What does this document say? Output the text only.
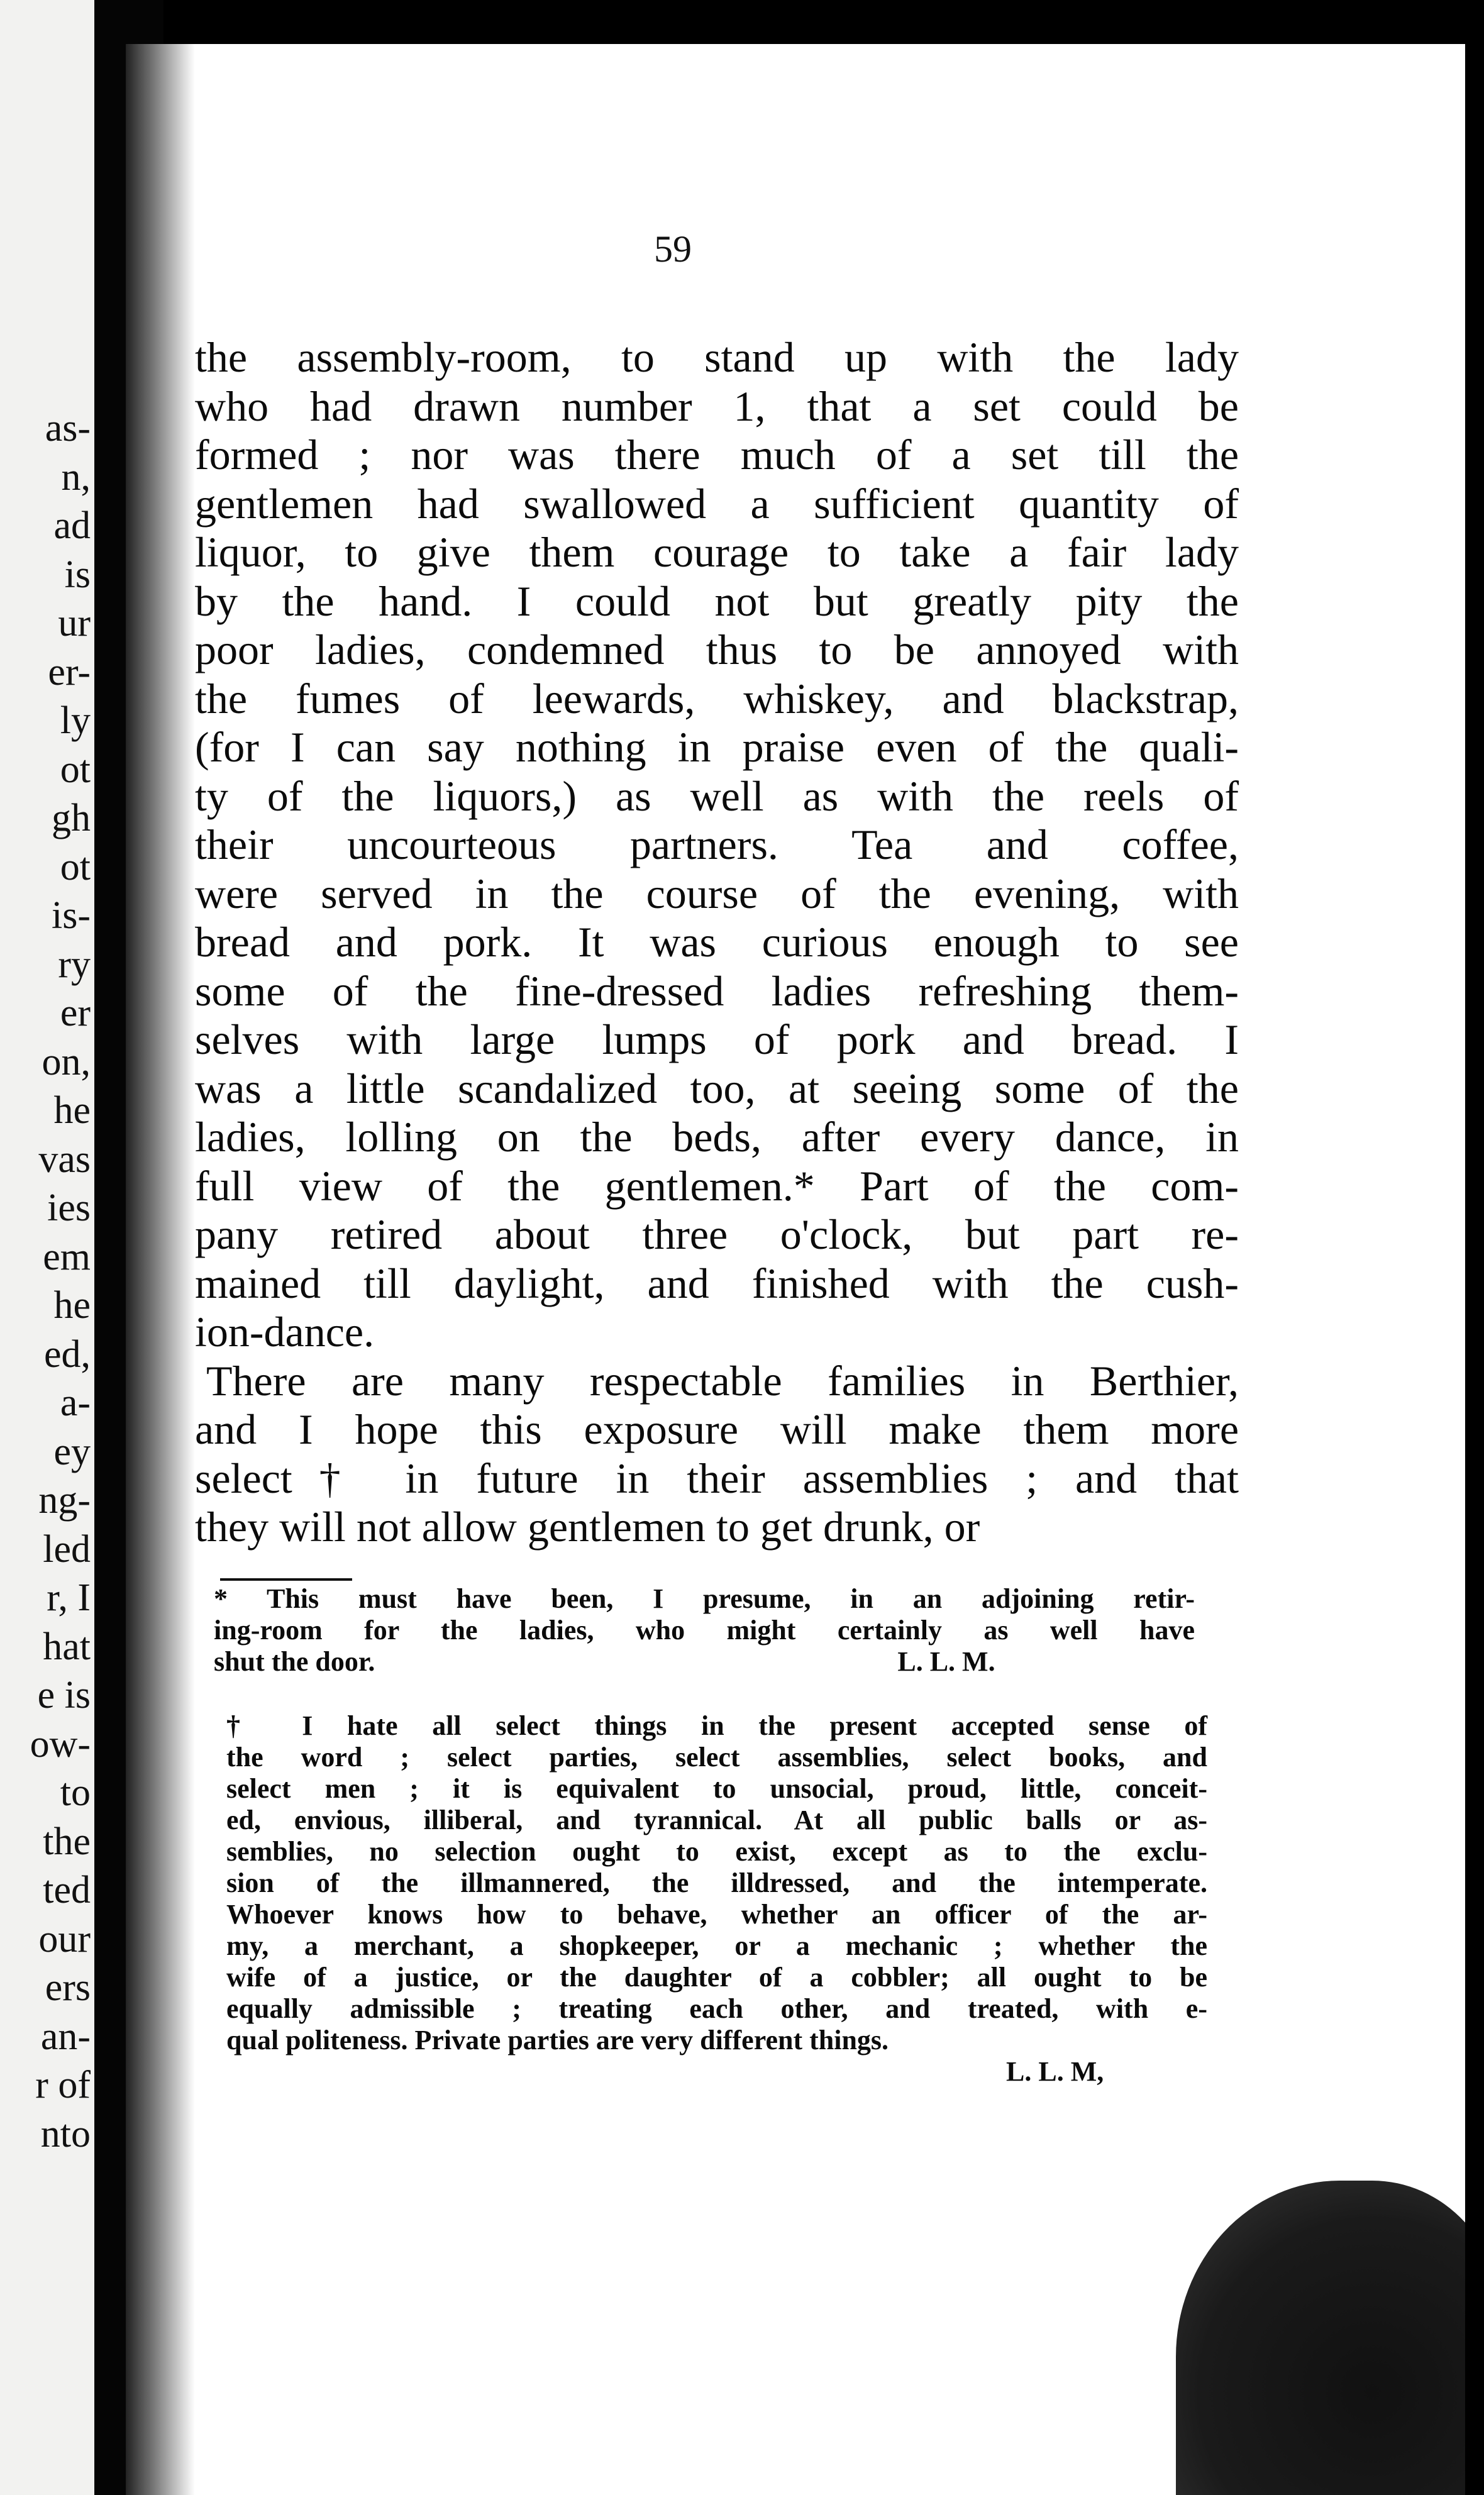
as-
n,
ad
is
ur
er-
ly
ot
gh
ot
is-
ry
er
on,
he
vas
ies
em
he
ed,
a-
ey
ng-
led
r, I
hat
e is
ow-
to
the
ted
our
ers
an-
r of
nto
59
the assembly-room, to stand up with the lady
who had drawn number 1, that a set could be
formed ; nor was there much of a set till the
gentlemen had swallowed a sufficient quantity of
liquor, to give them courage to take a fair lady
by the hand. I could not but greatly pity the
poor ladies, condemned thus to be annoyed with
the fumes of leewards, whiskey, and blackstrap,
(for I can say nothing in praise even of the quali-
ty of the liquors,) as well as with the reels of
their uncourteous partners. Tea and coffee,
were served in the course of the evening, with
bread and pork. It was curious enough to see
some of the fine-dressed ladies refreshing them-
selves with large lumps of pork and bread. I
was a little scandalized too, at seeing some of the
ladies, lolling on the beds, after every dance, in
full view of the gentlemen.* Part of the com-
pany retired about three o'clock, but part re-
mained till daylight, and finished with the cush-
ion-dance.
There are many respectable families in Berthier,
and I hope this exposure will make them more
select† in future in their assemblies ; and that
they will not allow gentlemen to get drunk, or
* This must have been, I presume, in an adjoining retir-
ing-room for the ladies, who might certainly as well have
shut the door.	L. L. M.
† I hate all select things in the present accepted sense of
the word ; select parties, select assemblies, select books, and
select men ; it is equivalent to unsocial, proud, little, conceit-
ed, envious, illiberal, and tyrannical. At all public balls or as-
semblies, no selection ought to exist, except as to the exclu-
sion of the illmannered, the illdressed, and the intemperate.
Whoever knows how to behave, whether an officer of the ar-
my, a merchant, a shopkeeper, or a mechanic ; whether the
wife of a justice, or the daughter of a cobbler; all ought to be
equally admissible ; treating each other, and treated, with e-
qual politeness. Private parties are very different things.
L. L. M,
